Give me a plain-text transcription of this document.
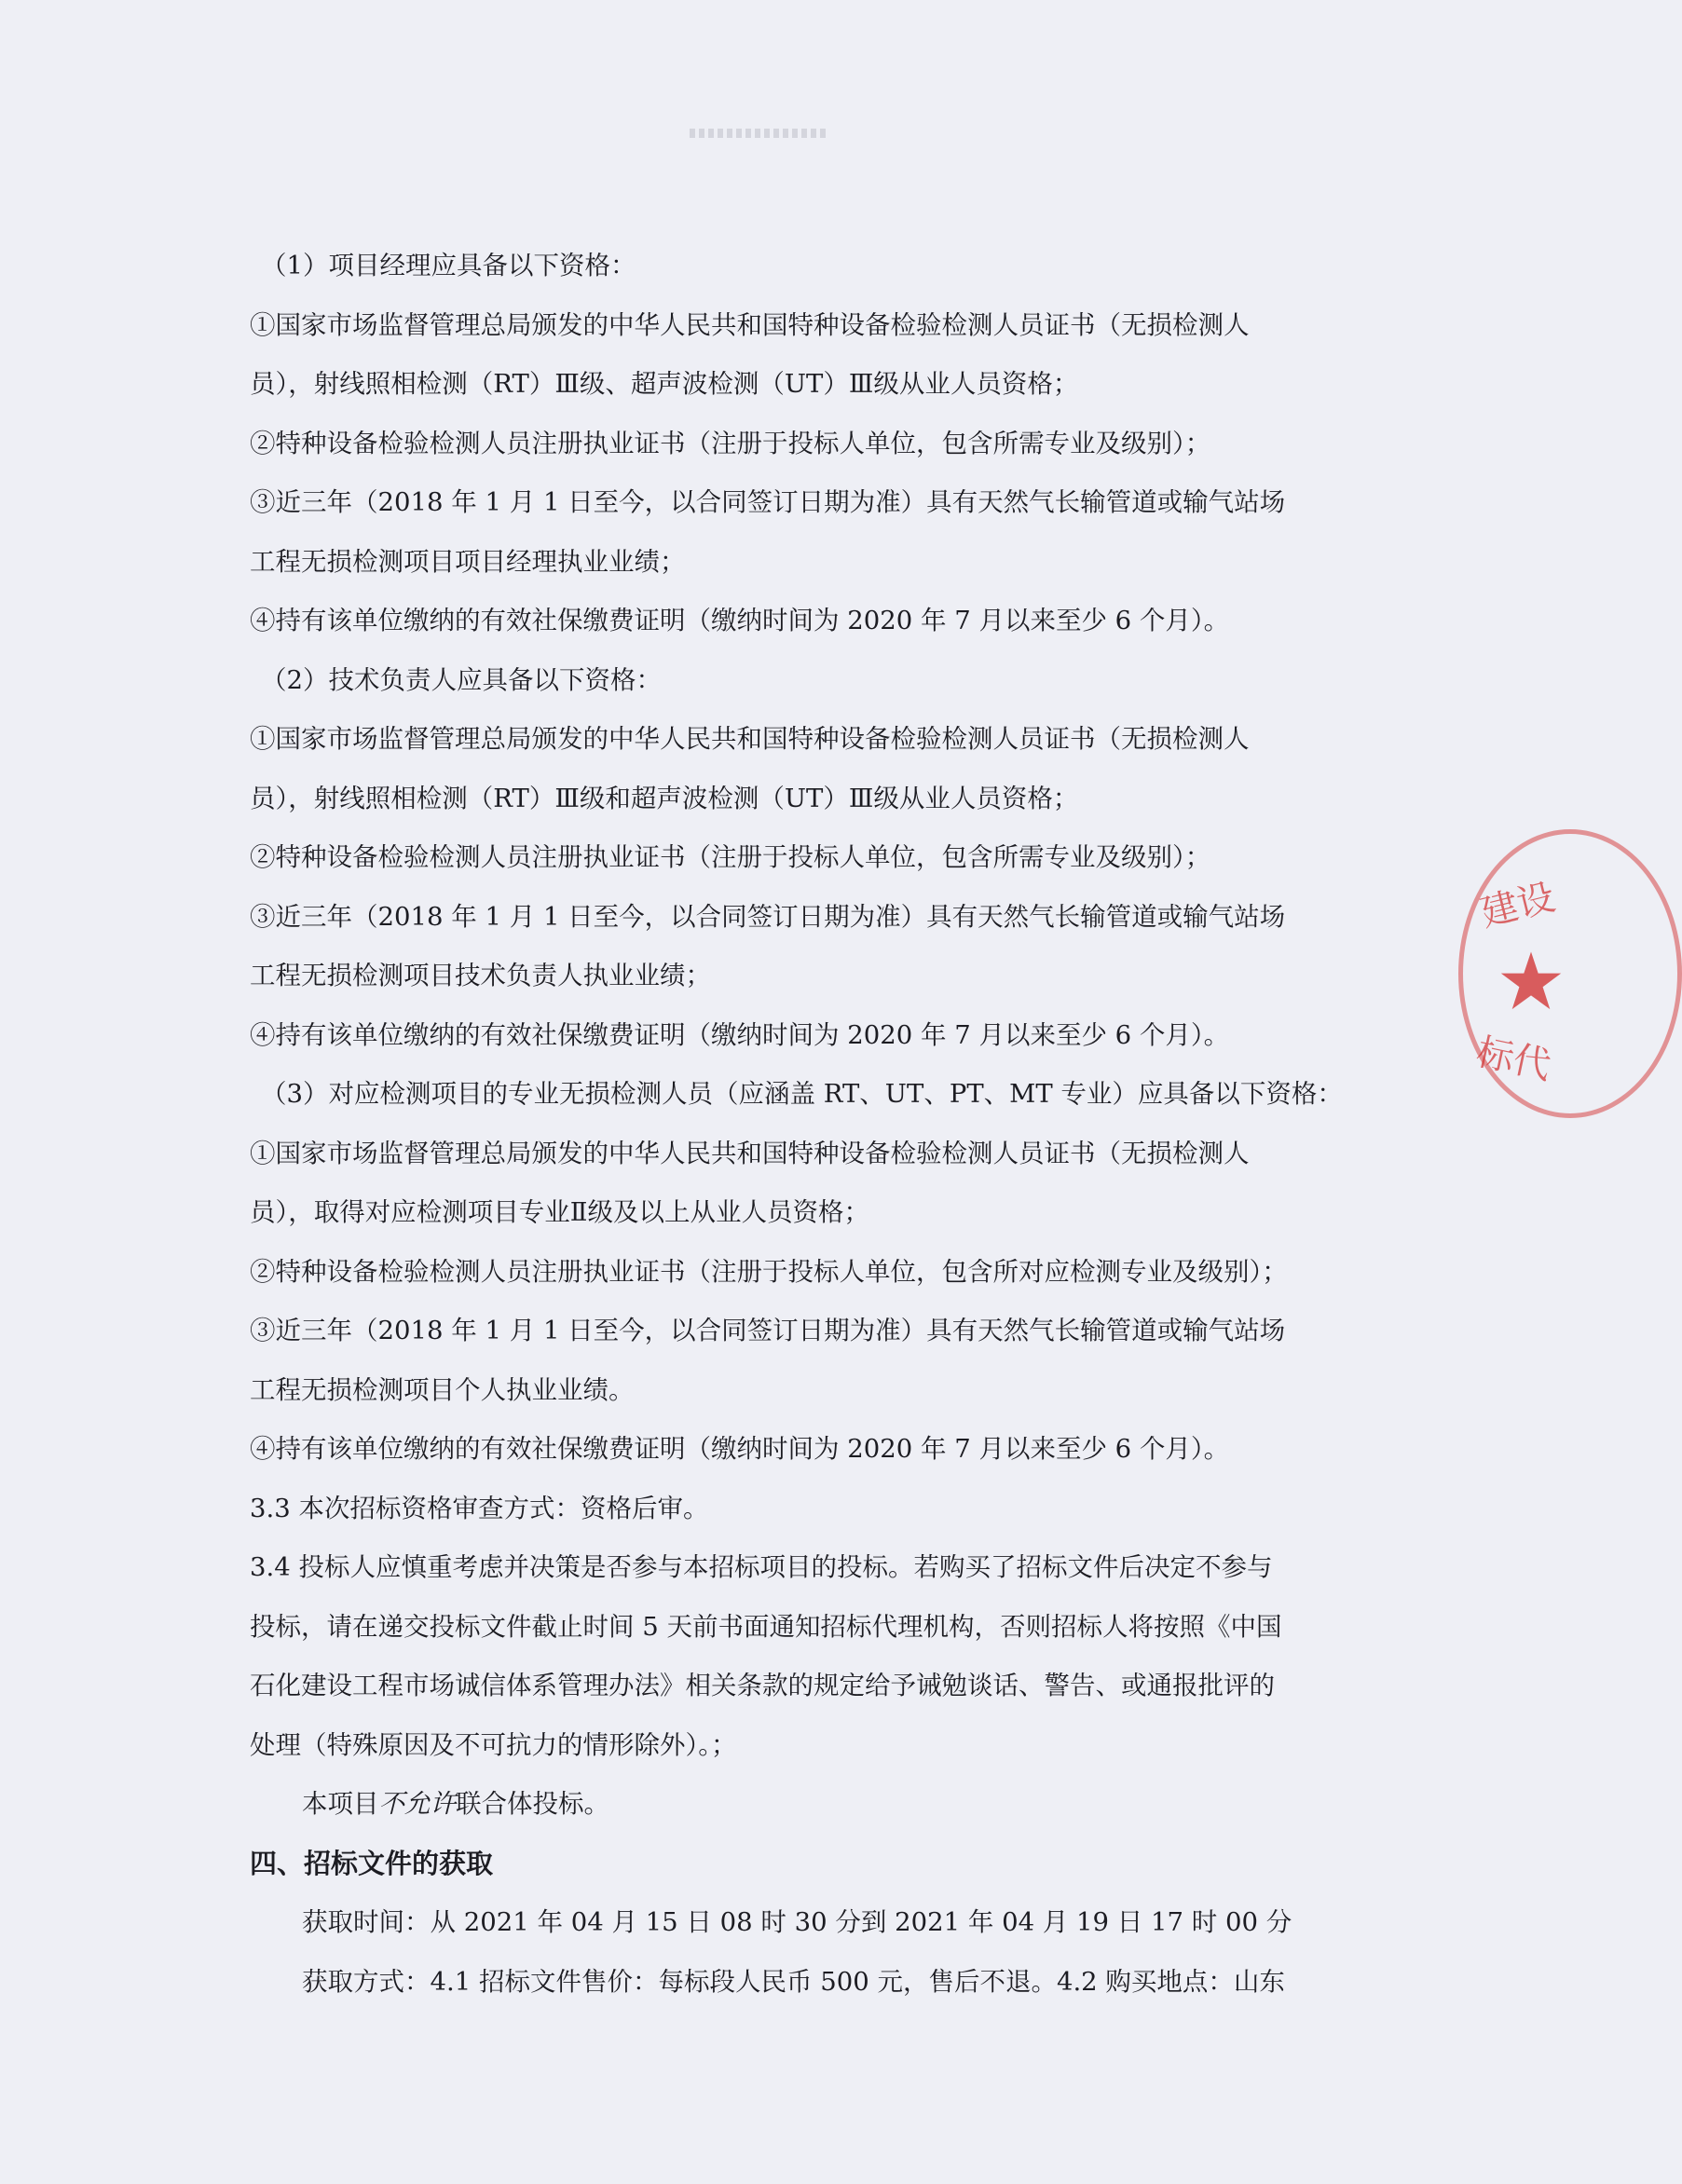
（1）项目经理应具备以下资格：
①国家市场监督管理总局颁发的中华人民共和国特种设备检验检测人员证书（无损检测人
员），射线照相检测（RT）Ⅲ级、超声波检测（UT）Ⅲ级从业人员资格；
②特种设备检验检测人员注册执业证书（注册于投标人单位，包含所需专业及级别）；
③近三年（2018 年 1 月 1 日至今，以合同签订日期为准）具有天然气长输管道或输气站场
工程无损检测项目项目经理执业业绩；
④持有该单位缴纳的有效社保缴费证明（缴纳时间为 2020 年 7 月以来至少 6 个月）。
（2）技术负责人应具备以下资格：
①国家市场监督管理总局颁发的中华人民共和国特种设备检验检测人员证书（无损检测人
员），射线照相检测（RT）Ⅲ级和超声波检测（UT）Ⅲ级从业人员资格；
②特种设备检验检测人员注册执业证书（注册于投标人单位，包含所需专业及级别）；
③近三年（2018 年 1 月 1 日至今，以合同签订日期为准）具有天然气长输管道或输气站场
工程无损检测项目技术负责人执业业绩；
④持有该单位缴纳的有效社保缴费证明（缴纳时间为 2020 年 7 月以来至少 6 个月）。
（3）对应检测项目的专业无损检测人员（应涵盖 RT、UT、PT、MT 专业）应具备以下资格：
①国家市场监督管理总局颁发的中华人民共和国特种设备检验检测人员证书（无损检测人
员），取得对应检测项目专业Ⅱ级及以上从业人员资格；
②特种设备检验检测人员注册执业证书（注册于投标人单位，包含所对应检测专业及级别）；
③近三年（2018 年 1 月 1 日至今，以合同签订日期为准）具有天然气长输管道或输气站场
工程无损检测项目个人执业业绩。
④持有该单位缴纳的有效社保缴费证明（缴纳时间为 2020 年 7 月以来至少 6 个月）。
3.3 本次招标资格审查方式：资格后审。
3.4 投标人应慎重考虑并决策是否参与本招标项目的投标。若购买了招标文件后决定不参与
投标，请在递交投标文件截止时间 5 天前书面通知招标代理机构，否则招标人将按照《中国
石化建设工程市场诚信体系管理办法》相关条款的规定给予诫勉谈话、警告、或通报批评的
处理（特殊原因及不可抗力的情形除外）。；
本项目不允许联合体投标。
四、招标文件的获取
获取时间：从 2021 年 04 月 15 日 08 时 30 分到 2021 年 04 月 19 日 17 时 00 分
获取方式：4.1 招标文件售价：每标段人民币 500 元，售后不退。4.2 购买地点：山东
建设
标代
